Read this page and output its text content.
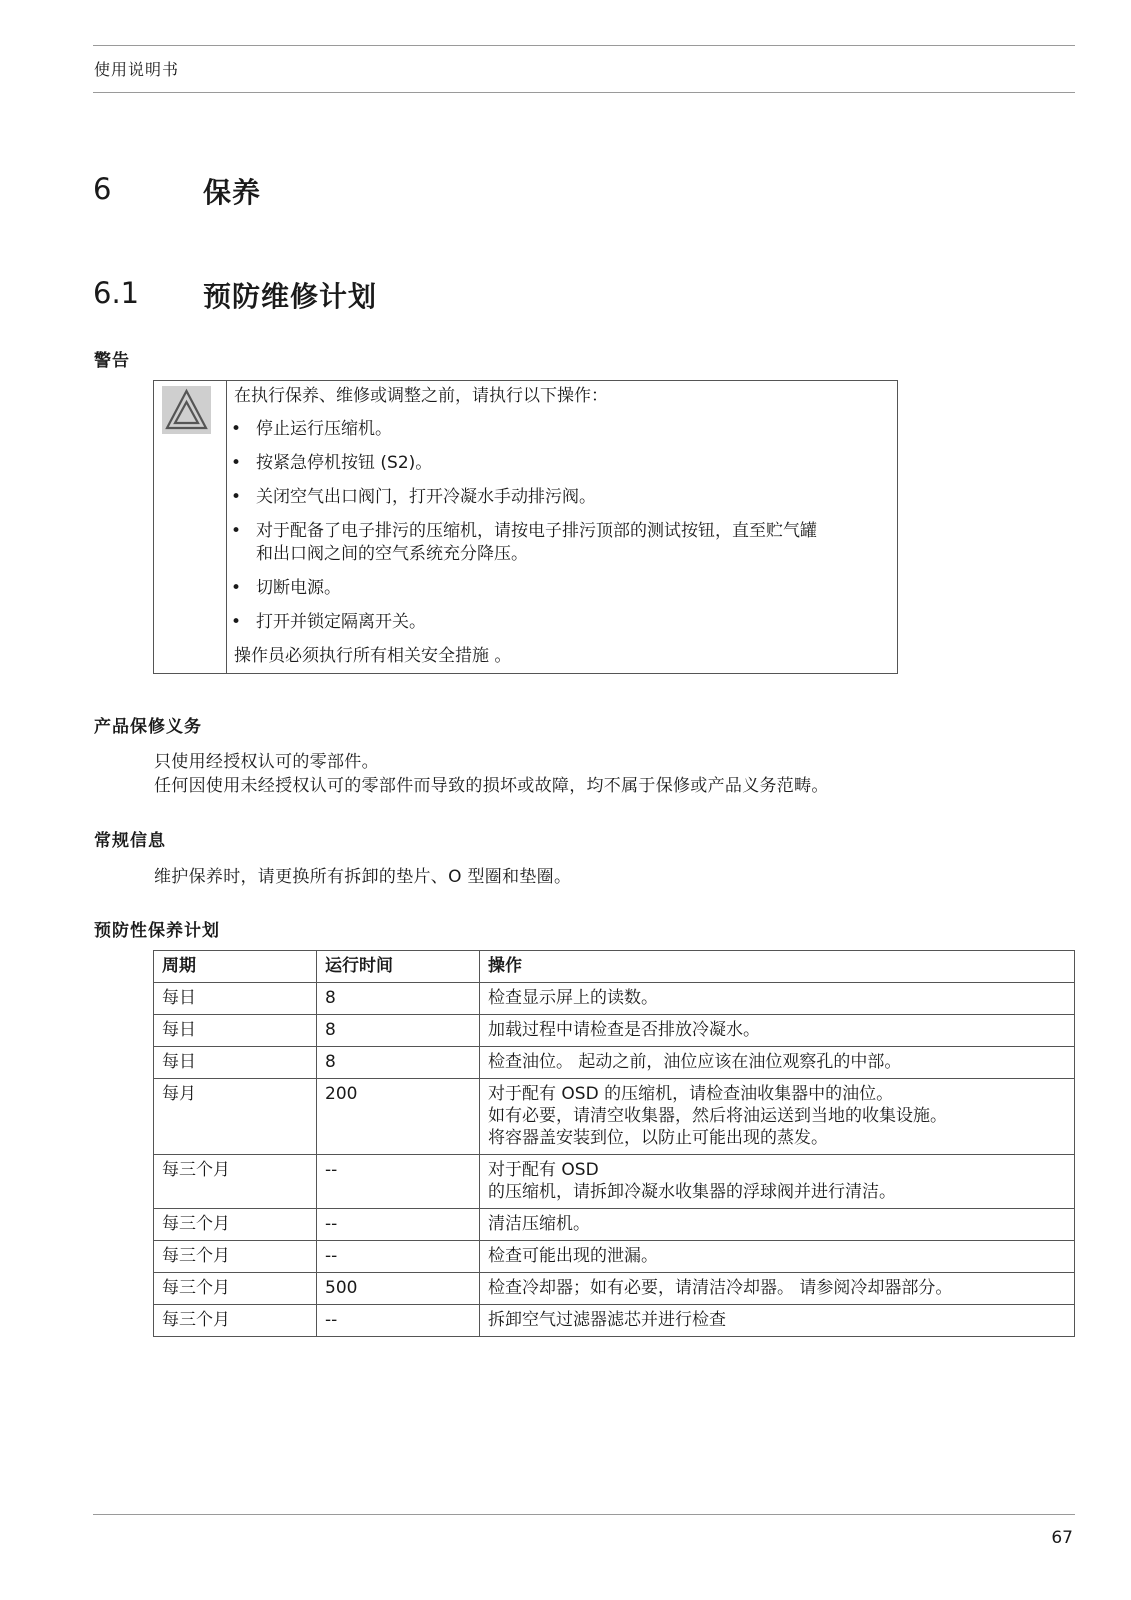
使用说明书
6	保养
6.1 预防维修计划
警告
在执行保养、维修或调整之前，请执行以下操作：
• 停止运行压缩机。
• 按紧急停机按钮 (S2)。
• 关闭空气出口阀门，打开冷凝水手动排污阀。
• 对于配备了电子排污的压缩机，请按电子排污顶部的测试按钮，直至贮气罐
和出口阀之间的空气系统充分降压。
• 切断电源。
• 打开并锁定隔离开关。
操作员必须执行所有相关安全措施 。
产品保修义务
只使用经授权认可的零部件。
任何因使用未经授权认可的零部件而导致的损坏或故障，均不属于保修或产品义务范畴。
常规信息
维护保养时，请更换所有拆卸的垫片、O 型圈和垫圈。
预防性保养计划
周期	运行时间	操作
每日	8	检查显示屏上的读数。

每日	8	加载过程中请检查是否排放冷凝水。

每日	8	检查油位。 起动之前，油位应该在油位观察孔的中部。

每月	200	对于配有 OSD 的压缩机，请检查油收集器中的油位。
如有必要，请清空收集器，然后将油运送到当地的收集设施。
将容器盖安装到位，以防止可能出现的蒸发。

每三个月	--	对于配有 OSD
的压缩机，请拆卸冷凝水收集器的浮球阀并进行清洁。

每三个月	--	清洁压缩机。

每三个月	--	检查可能出现的泄漏。

每三个月	500	检查冷却器；如有必要，请清洁冷却器。 请参阅冷却器部分。

每三个月	--	拆卸空气过滤器滤芯并进行检查
67
